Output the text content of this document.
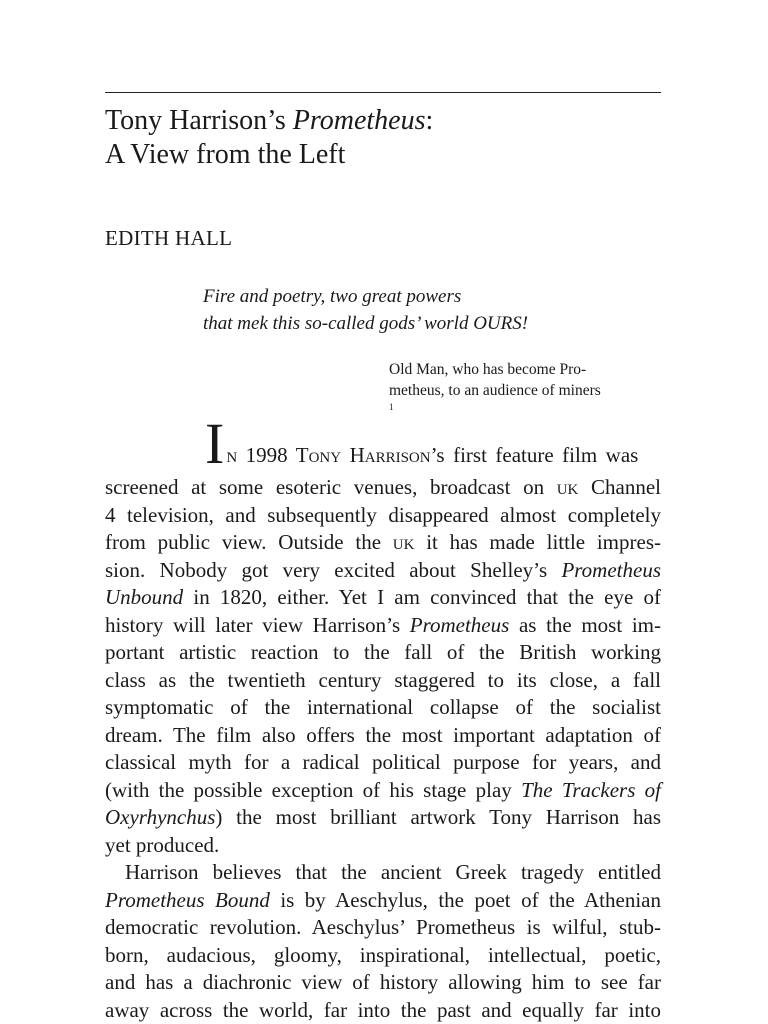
Tony Harrison’s Prometheus:
A View from the Left
EDITH HALL
Fire and poetry, two great powers
that mek this so-called gods’ world OURS!
Old Man, who has become Pro-
metheus, to an audience of miners
$^1$

In 1998 Tony Harrison’s first feature film was
screened at some esoteric venues, broadcast on uk Channel
4 television, and subsequently disappeared almost completely
from public view. Outside the uk it has made little impres-
sion. Nobody got very excited about Shelley’s Prometheus
Unbound in 1820, either. Yet I am convinced that the eye of
history will later view Harrison’s Prometheus as the most im-
portant artistic reaction to the fall of the British working
class as the twentieth century staggered to its close, a fall
symptomatic of the international collapse of the socialist
dream. The film also offers the most important adaptation of
classical myth for a radical political purpose for years, and
(with the possible exception of his stage play The Trackers of
Oxyrhynchus) the most brilliant artwork Tony Harrison has
yet produced.

Harrison believes that the ancient Greek tragedy entitled
Prometheus Bound is by Aeschylus, the poet of the Athenian
democratic revolution. Aeschylus’ Prometheus is wilful, stub-
born, audacious, gloomy, inspirational, intellectual, poetic,
and has a diachronic view of history allowing him to see far
away across the world, far into the past and equally far into
